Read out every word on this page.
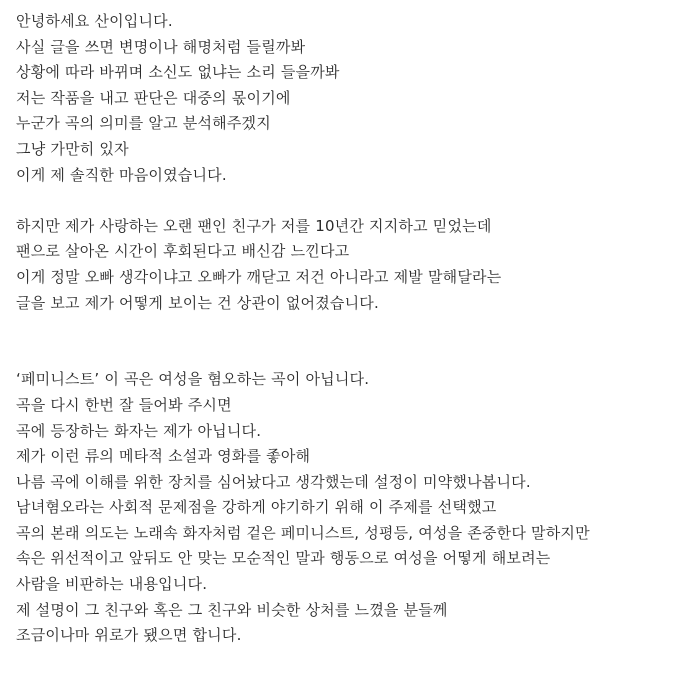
안녕하세요 산이입니다.
사실 글을 쓰면 변명이나 해명처럼 들릴까봐
상황에 따라 바뀌며 소신도 없냐는 소리 들을까봐
저는 작품을 내고 판단은 대중의 몫이기에
누군가 곡의 의미를 알고 분석해주겠지
그냥 가만히 있자
이게 제 솔직한 마음이였습니다.
하지만 제가 사랑하는 오랜 팬인 친구가 저를 10년간 지지하고 믿었는데
팬으로 살아온 시간이 후회된다고 배신감 느낀다고
이게 정말 오빠 생각이냐고 오빠가 깨닫고 저건 아니라고 제발 말해달라는
글을 보고 제가 어떻게 보이는 건 상관이 없어졌습니다.
‘페미니스트’ 이 곡은 여성을 혐오하는 곡이 아닙니다.
곡을 다시 한번 잘 들어봐 주시면
곡에 등장하는 화자는 제가 아닙니다.
제가 이런 류의 메타적 소설과 영화를 좋아해
나름 곡에 이해를 위한 장치를 심어놨다고 생각했는데 설정이 미약했나봅니다.
남녀혐오라는 사회적 문제점을 강하게 야기하기 위해 이 주제를 선택했고
곡의 본래 의도는 노래속 화자처럼 겉은 페미니스트, 성평등, 여성을 존중한다 말하지만
속은 위선적이고 앞뒤도 안 맞는 모순적인 말과 행동으로 여성을 어떻게 해보려는
사람을 비판하는 내용입니다.
제 설명이 그 친구와 혹은 그 친구와 비슷한 상처를 느꼈을 분들께
조금이나마 위로가 됐으면 합니다.
